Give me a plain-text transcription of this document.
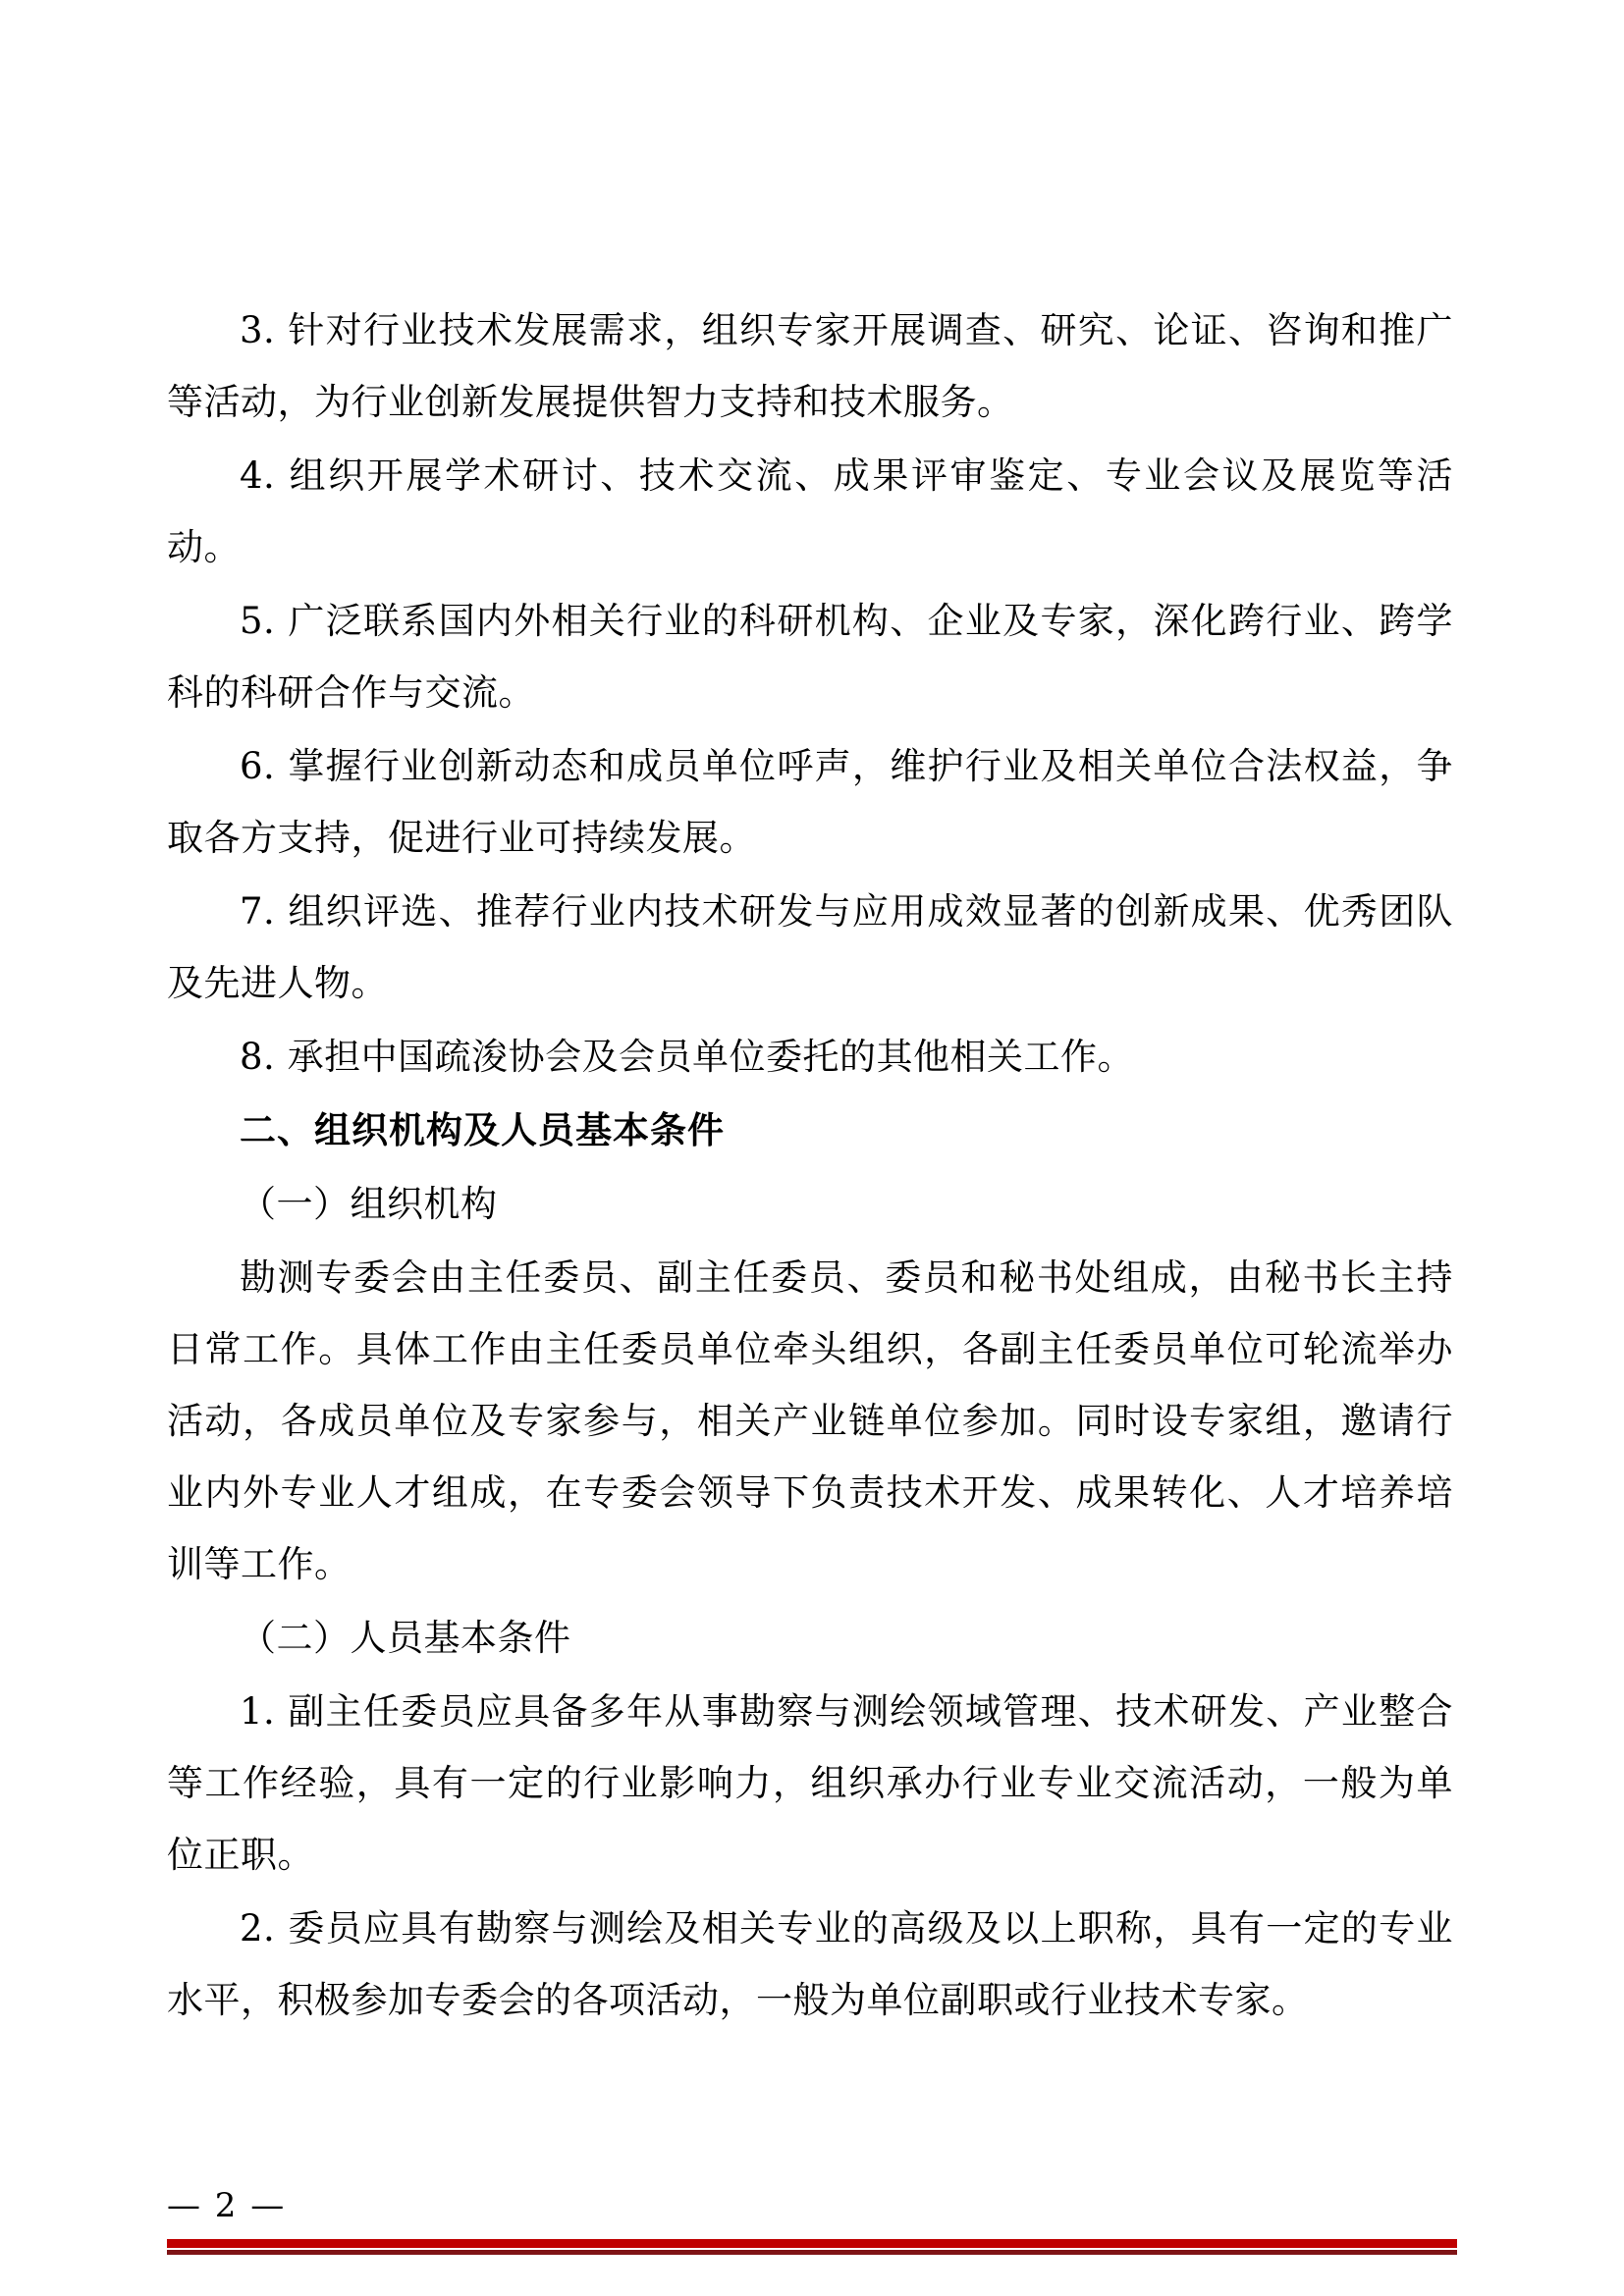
3. 针对行业技术发展需求，组织专家开展调查、研究、论证、咨询和推广等活动，为行业创新发展提供智力支持和技术服务。

4. 组织开展学术研讨、技术交流、成果评审鉴定、专业会议及展览等活动。

5. 广泛联系国内外相关行业的科研机构、企业及专家，深化跨行业、跨学科的科研合作与交流。

6. 掌握行业创新动态和成员单位呼声，维护行业及相关单位合法权益，争取各方支持，促进行业可持续发展。

7. 组织评选、推荐行业内技术研发与应用成效显著的创新成果、优秀团队及先进人物。

8. 承担中国疏浚协会及会员单位委托的其他相关工作。

二、组织机构及人员基本条件

（一）组织机构

勘测专委会由主任委员、副主任委员、委员和秘书处组成，由秘书长主持日常工作。具体工作由主任委员单位牵头组织，各副主任委员单位可轮流举办活动，各成员单位及专家参与，相关产业链单位参加。同时设专家组，邀请行业内外专业人才组成，在专委会领导下负责技术开发、成果转化、人才培养培训等工作。

（二）人员基本条件

1. 副主任委员应具备多年从事勘察与测绘领域管理、技术研发、产业整合等工作经验，具有一定的行业影响力，组织承办行业专业交流活动，一般为单位正职。

2. 委员应具有勘察与测绘及相关专业的高级及以上职称，具有一定的专业水平，积极参加专委会的各项活动，一般为单位副职或行业技术专家。

— 2 —
